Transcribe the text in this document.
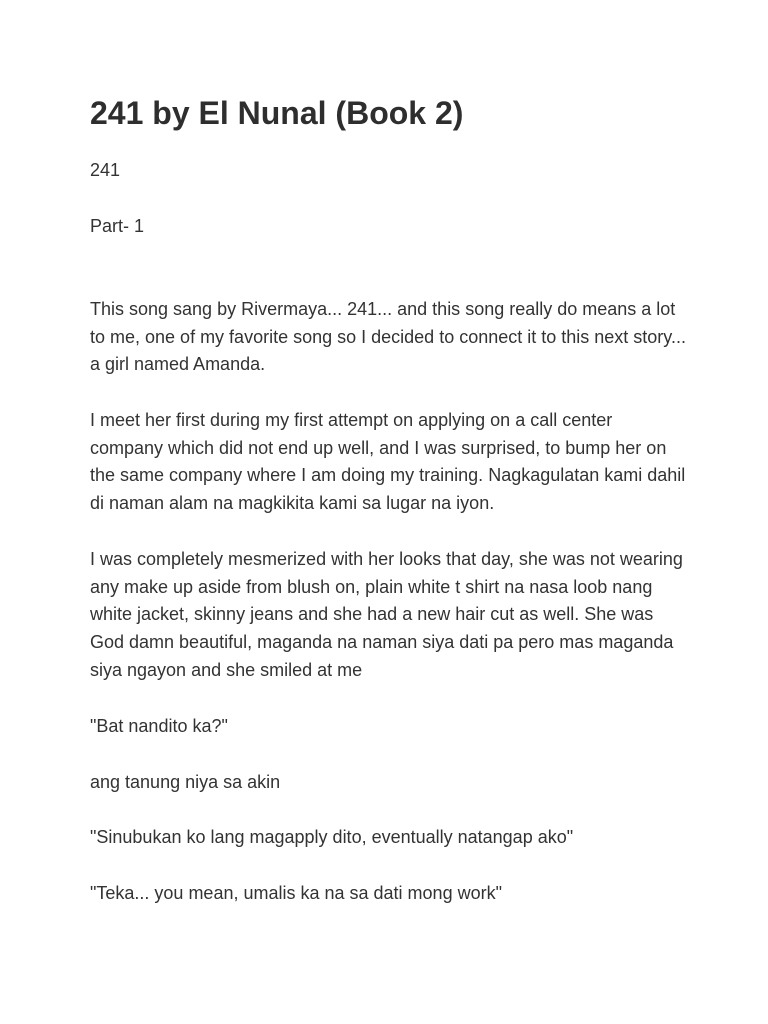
241 by El Nunal (Book 2)

241

Part- 1

This song sang by Rivermaya... 241... and this song really do means a lot to me, one of my favorite song so I decided to connect it to this next story... a girl named Amanda.

I meet her first during my first attempt on applying on a call center company which did not end up well, and I was surprised, to bump her on the same company where I am doing my training. Nagkagulatan kami dahil di naman alam na magkikita kami sa lugar na iyon.

I was completely mesmerized with her looks that day, she was not wearing any make up aside from blush on, plain white t shirt na nasa loob nang white jacket, skinny jeans and she had a new hair cut as well. She was God damn beautiful, maganda na naman siya dati pa pero mas maganda siya ngayon and she smiled at me

"Bat nandito ka?"

ang tanung niya sa akin

"Sinubukan ko lang magapply dito, eventually natangap ako"

"Teka... you mean, umalis ka na sa dati mong work"
